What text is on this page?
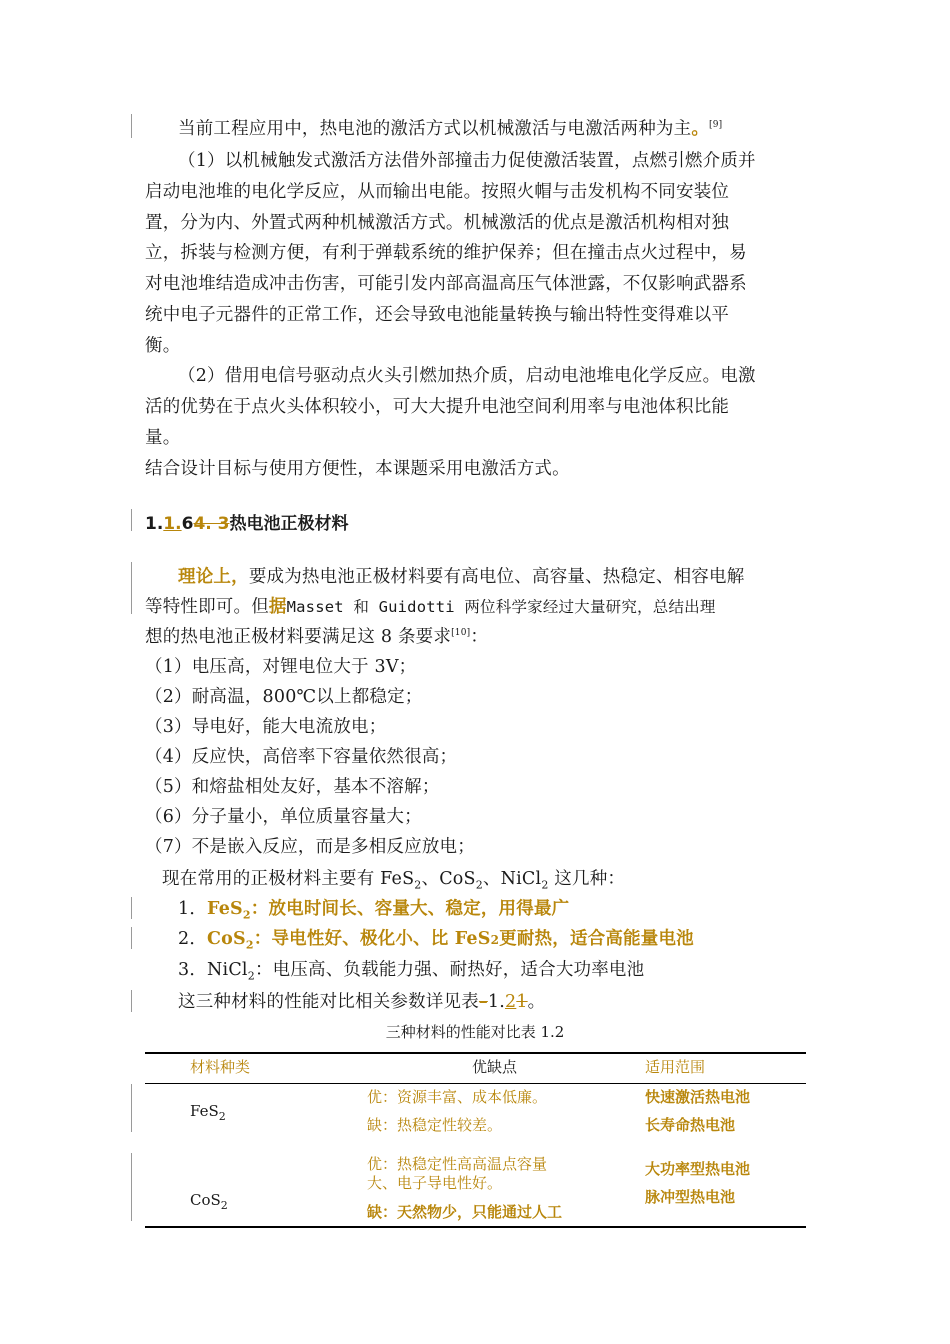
当前工程应用中，热电池的激活方式以机械激活与电激活两种为主。[9]
（1）以机械触发式激活方法借外部撞击力促使激活装置，点燃引燃介质并
启动电池堆的电化学反应，从而输出电能。按照火帽与击发机构不同安装位
置，分为内、外置式两种机械激活方式。机械激活的优点是激活机构相对独
立，拆装与检测方便，有利于弹载系统的维护保养；但在撞击点火过程中，易
对电池堆结造成冲击伤害，可能引发内部高温高压气体泄露，不仅影响武器系
统中电子元器件的正常工作，还会导致电池能量转换与输出特性变得难以平
衡。
（2）借用电信号驱动点火头引燃加热介质，启动电池堆电化学反应。电激
活的优势在于点火头体积较小，可大大提升电池空间利用率与电池体积比能
量。
结合设计目标与使用方便性，本课题采用电激活方式。
1.1.64. 3热电池正极材料
理论上，要成为热电池正极材料要有高电位、高容量、热稳定、相容电解
等特性即可。但据Masset 和 Guidotti 两位科学家经过大量研究，总结出理
想的热电池正极材料要满足这 8 条要求[10]：
（1）电压高，对锂电位大于 3V；
（2）耐高温，800℃以上都稳定；
（3）导电好，能大电流放电；
（4）反应快，高倍率下容量依然很高；
（5）和熔盐相处友好，基本不溶解；
（6）分子量小，单位质量容量大；
（7）不是嵌入反应，而是多相反应放电；
现在常用的正极材料主要有 FeS$_2$、CoS$_2$、NiCl$_2$ 这几种：
1．FeS$_2$：放电时间长、容量大、稳定，用得最广
2．CoS$_2$：导电性好、极化小、比 FeS2更耐热，适合高能量电池
3．NiCl$_2$：电压高、负载能力强、耐热好，适合大功率电池
这三种材料的性能对比相关参数详见表–1.21。
三种材料的性能对比表 1.2
材料种类	优缺点	适用范围
FeS$_2$
优：资源丰富、成本低廉。
缺：热稳定性较差。
快速激活热电池
长寿命热电池
CoS$_2$
优：热稳定性高高温点容量
大、电子导电性好。
缺：天然物少，只能通过人工
大功率型热电池
脉冲型热电池
